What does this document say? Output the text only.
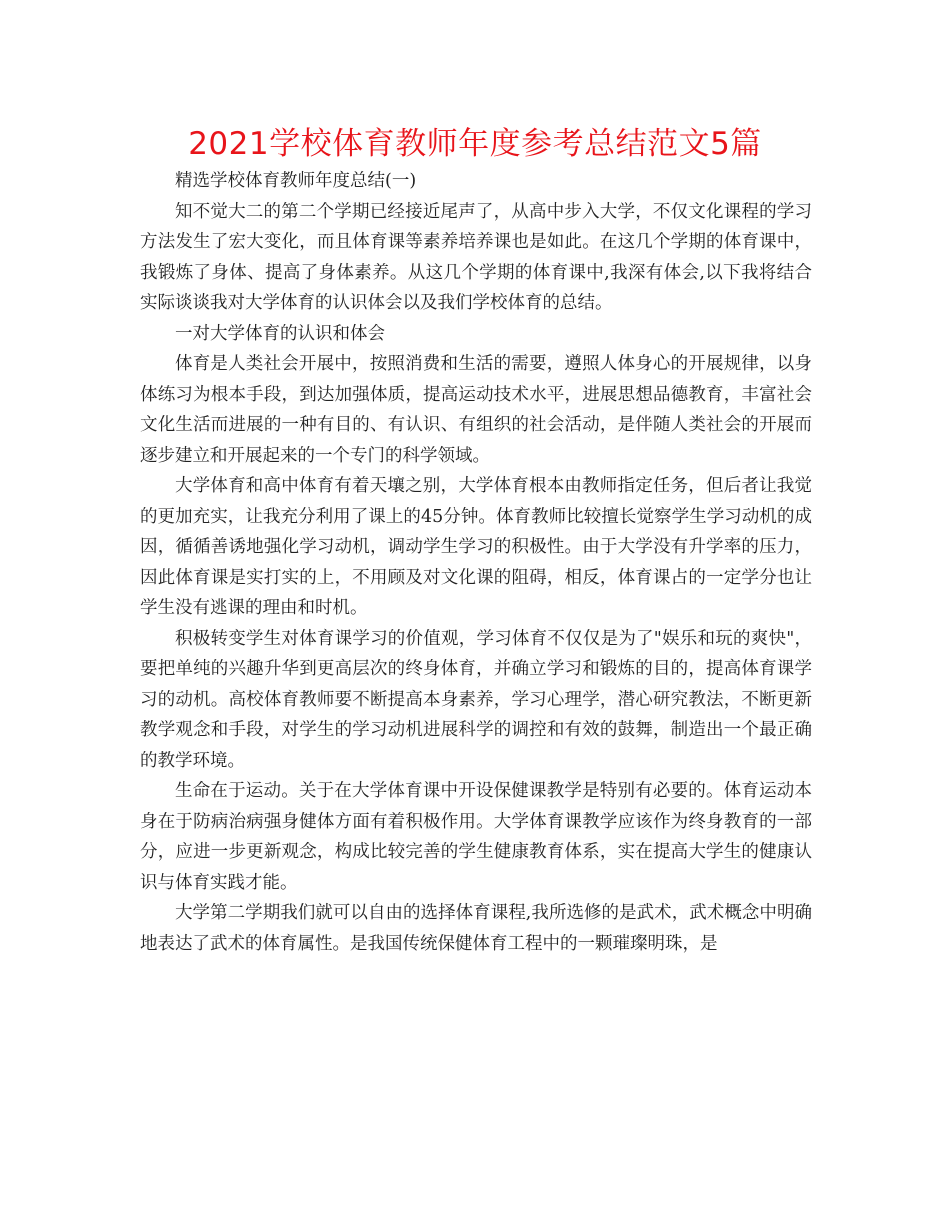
2021学校体育教师年度参考总结范文5篇

精选学校体育教师年度总结(一)

知不觉大二的第二个学期已经接近尾声了，从高中步入大学，不仅文化课程的学习方法发生了宏大变化，而且体育课等素养培养课也是如此。在这几个学期的体育课中，我锻炼了身体、提高了身体素养。从这几个学期的体育课中,我深有体会,以下我将结合实际谈谈我对大学体育的认识体会以及我们学校体育的总结。

一对大学体育的认识和体会

体育是人类社会开展中，按照消费和生活的需要，遵照人体身心的开展规律，以身体练习为根本手段，到达加强体质，提高运动技术水平，进展思想品德教育，丰富社会文化生活而进展的一种有目的、有认识、有组织的社会活动，是伴随人类社会的开展而逐步建立和开展起来的一个专门的科学领域。

大学体育和高中体育有着天壤之别，大学体育根本由教师指定任务，但后者让我觉的更加充实，让我充分利用了课上的45分钟。体育教师比较擅长觉察学生学习动机的成因，循循善诱地强化学习动机，调动学生学习的积极性。由于大学没有升学率的压力，因此体育课是实打实的上，不用顾及对文化课的阻碍，相反，体育课占的一定学分也让学生没有逃课的理由和时机。

积极转变学生对体育课学习的价值观，学习体育不仅仅是为了"娱乐和玩的爽快"，要把单纯的兴趣升华到更高层次的终身体育，并确立学习和锻炼的目的，提高体育课学习的动机。高校体育教师要不断提高本身素养，学习心理学，潜心研究教法，不断更新教学观念和手段，对学生的学习动机进展科学的调控和有效的鼓舞，制造出一个最正确的教学环境。

生命在于运动。关于在大学体育课中开设保健课教学是特别有必要的。体育运动本身在于防病治病强身健体方面有着积极作用。大学体育课教学应该作为终身教育的一部分，应进一步更新观念，构成比较完善的学生健康教育体系，实在提高大学生的健康认识与体育实践才能。

大学第二学期我们就可以自由的选择体育课程,我所选修的是武术，武术概念中明确地表达了武术的体育属性。是我国传统保健体育工程中的一颗璀璨明珠，是
